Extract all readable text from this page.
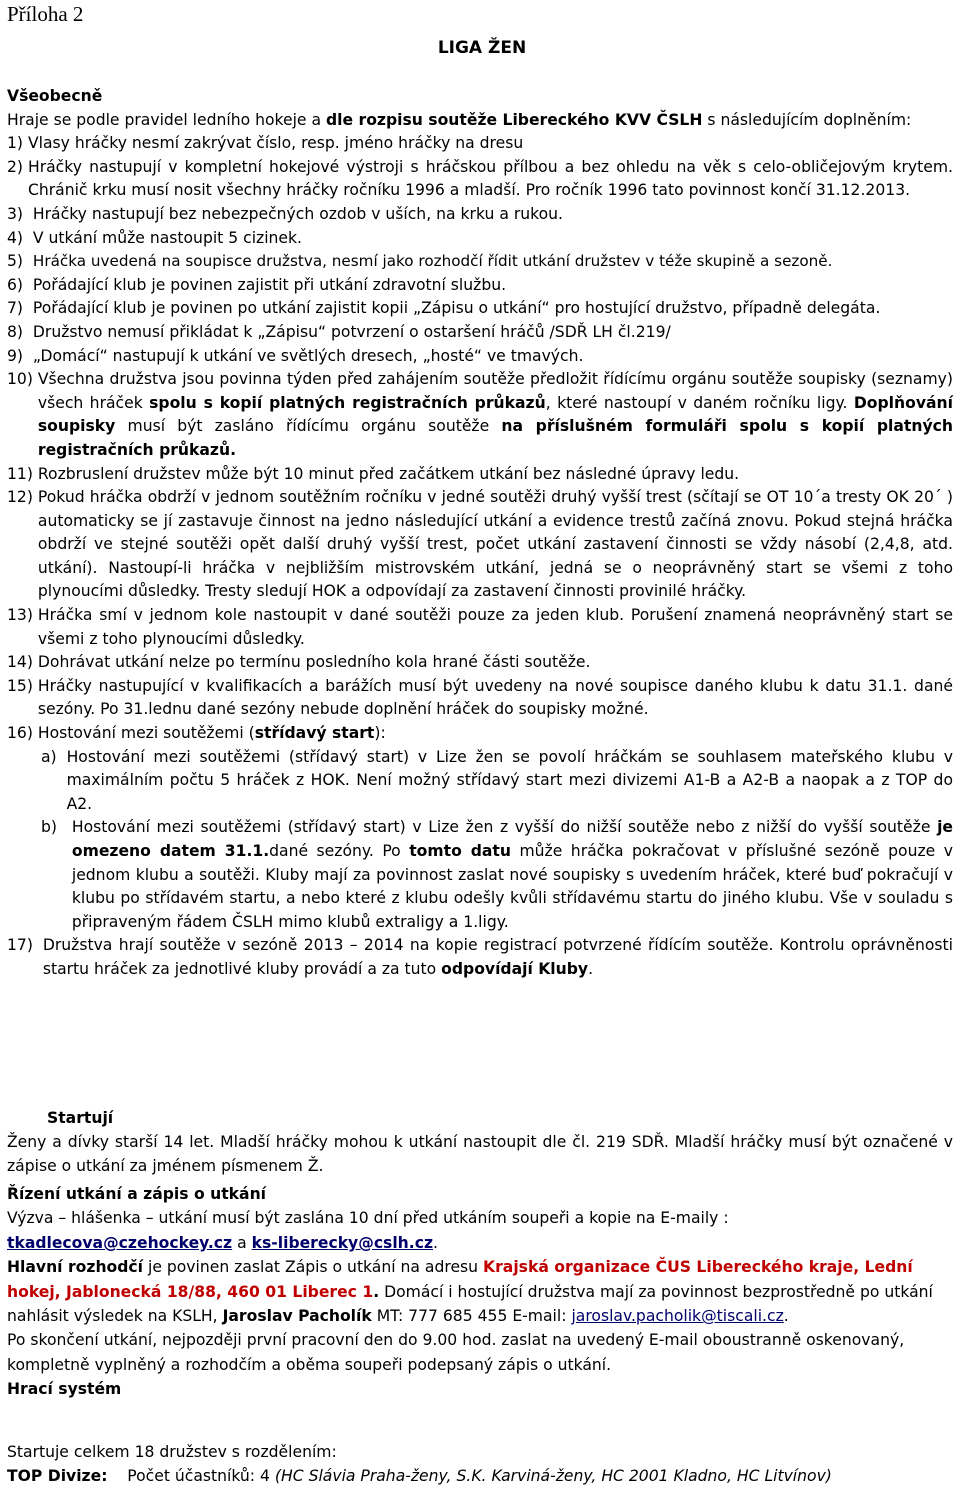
Příloha 2

LIGA ŽEN

Všeobecně

Hraje se podle pravidel ledního hokeje a dle rozpisu soutěže Libereckého KVV ČSLH s následujícím doplněním:

1) Vlasy hráčky nesmí zakrývat číslo, resp. jméno hráčky na dresu

2) Hráčky nastupují v kompletní hokejové výstroji s hráčskou přílbou a bez ohledu na věk s celo-obličejovým krytem. Chránič krku musí nosit všechny hráčky ročníku 1996 a mladší. Pro ročník 1996 tato povinnost končí 31.12.2013.
3) Hráčky nastupují bez nebezpečných ozdob v uších, na krku a rukou.
4) V utkání může nastoupit 5 cizinek.
5) Hráčka uvedená na soupisce družstva, nesmí jako rozhodčí řídit utkání družstev v téže skupině a sezoně.
6) Pořádající klub je povinen zajistit při utkání zdravotní službu.
7) Pořádající klub je povinen po utkání zajistit kopii „Zápisu o utkání“ pro hostující družstvo, případně delegáta.
8) Družstvo nemusí přikládat k „Zápisu“ potvrzení o ostaršení hráčů /SDŘ LH čl.219/
9) „Domácí“ nastupují k utkání ve světlých dresech, „hosté“ ve tmavých.
10) Všechna družstva jsou povinna týden před zahájením soutěže předložit řídícímu orgánu soutěže soupisky (seznamy) všech hráček spolu s kopií platných registračních průkazů, které nastoupí v daném ročníku ligy. Doplňování soupisky musí být zasláno řídícímu orgánu soutěže na příslušném formuláři spolu s kopií platných registračních průkazů.
11) Rozbruslení družstev může být 10 minut před začátkem utkání bez následné úpravy ledu.
12) Pokud hráčka obdrží v jednom soutěžním ročníku v jedné soutěži druhý vyšší trest (sčítají se OT 10´a tresty OK 20´ ) automaticky se jí zastavuje činnost na jedno následující utkání a evidence trestů začíná znovu. Pokud stejná hráčka obdrží ve stejné soutěži opět další druhý vyšší trest, počet utkání zastavení činnosti se vždy násobí (2,4,8, atd. utkání). Nastoupí-li hráčka v nejbližším mistrovském utkání, jedná se o neoprávněný start se všemi z toho plynoucími důsledky. Tresty sledují HOK a odpovídají za zastavení činnosti provinilé hráčky.
13) Hráčka smí v jednom kole nastoupit v dané soutěži pouze za jeden klub. Porušení znamená neoprávněný start se všemi z toho plynoucími důsledky.
14) Dohrávat utkání nelze po termínu posledního kola hrané části soutěže.
15) Hráčky nastupující v kvalifikacích a barážích musí být uvedeny na nové soupisce daného klubu k datu 31.1. dané sezóny. Po 31.lednu dané sezóny nebude doplnění hráček do soupisky možné.
16) Hostování mezi soutěžemi (střídavý start):
a) Hostování mezi soutěžemi (střídavý start) v Lize žen se povolí hráčkám se souhlasem mateřského klubu v maximálním počtu 5 hráček z HOK. Není možný střídavý start mezi divizemi A1-B a A2-B a naopak a z TOP do A2.
b) Hostování mezi soutěžemi (střídavý start) v Lize žen z vyšší do nižší soutěže nebo z nižší do vyšší soutěže je omezeno datem 31.1.dané sezóny. Po tomto datu může hráčka pokračovat v příslušné sezóně pouze v jednom klubu a soutěži. Kluby mají za povinnost zaslat nové soupisky s uvedením hráček, které buď pokračují v klubu po střídavém startu, a nebo které z klubu odešly kvůli střídavému startu do jiného klubu. Vše v souladu s připraveným řádem ČSLH mimo klubů extraligy a 1.ligy.
17) Družstva hrají soutěže v sezóně 2013 – 2014 na kopie registrací potvrzené řídícím soutěže. Kontrolu oprávněnosti startu hráček za jednotlivé kluby provádí a za tuto odpovídají Kluby.

Startují

Ženy a dívky starší 14 let. Mladší hráčky mohou k utkání nastoupit dle čl. 219 SDŘ. Mladší hráčky musí být označené v zápise o utkání za jménem písmenem Ž.

Řízení utkání a zápis o utkání

Výzva – hlášenka – utkání musí být zaslána 10 dní před utkáním soupeři a kopie na E-maily :
tkadlecova@czehockey.cz a ks-liberecky@cslh.cz.

Hlavní rozhodčí je povinen zaslat Zápis o utkání na adresu Krajská organizace ČUS Libereckého kraje, Lední hokej, Jablonecká 18/88, 460 01 Liberec 1. Domácí i hostující družstva mají za povinnost bezprostředně po utkání nahlásit výsledek na KSLH, Jaroslav Pacholík MT: 777 685 455 E-mail: jaroslav.pacholik@tiscali.cz.

Po skončení utkání, nejpozději první pracovní den do 9.00 hod. zaslat na uvedený E-mail oboustranně oskenovaný, kompletně vyplněný a rozhodčím a oběma soupeři podepsaný zápis o utkání.

Hrací systém

Startuje celkem 18 družstev s rozdělením:

TOP Divize: Počet účastníků: 4 (HC Slávia Praha-ženy, S.K. Karviná-ženy, HC 2001 Kladno, HC Litvínov)
